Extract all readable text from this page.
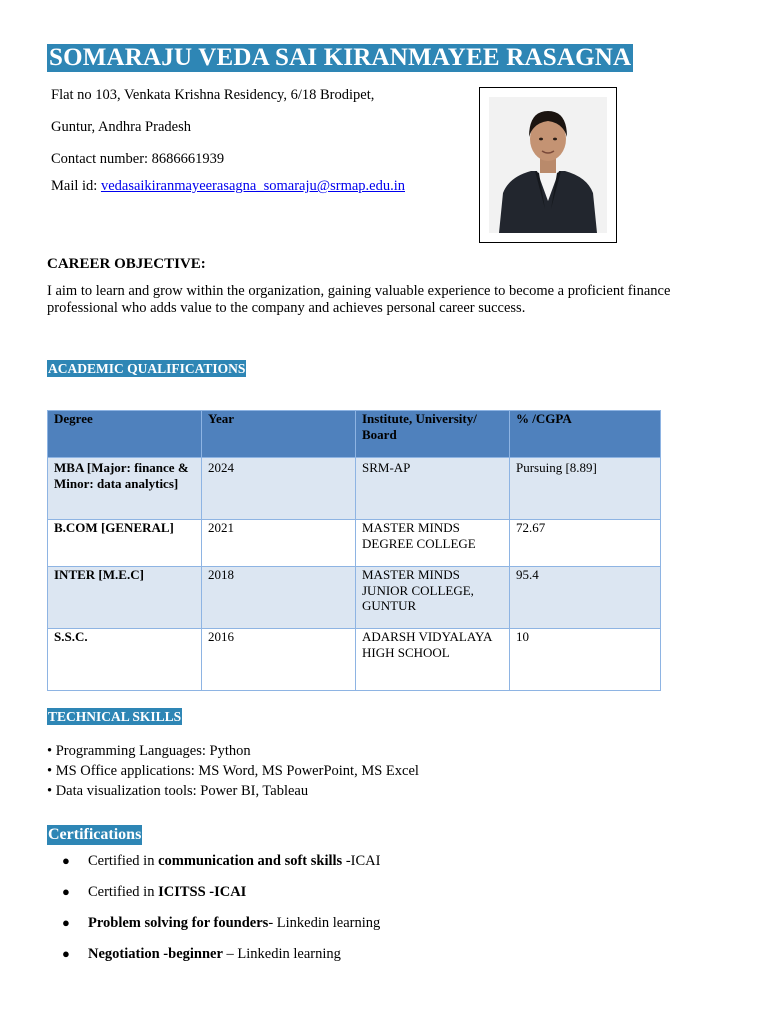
SOMARAJU VEDA SAI KIRANMAYEE RASAGNA
Flat no 103, Venkata Krishna Residency, 6/18 Brodipet,
Guntur, Andhra Pradesh
Contact number: 8686661939
Mail id: vedasaikiranmayeerasagna_somaraju@srmap.edu.in
CAREER OBJECTIVE:
I aim to learn and grow within the organization, gaining valuable experience to become a proficient finance professional who adds value to the company and achieves personal career success.
ACADEMIC QUALIFICATIONS
Degree	Year	Institute, University/ Board	% /CGPA
MBA [Major: finance & Minor: data analytics]	2024	SRM-AP	Pursuing [8.89]
B.COM [GENERAL]	2021	MASTER MINDS DEGREE COLLEGE	72.67
INTER [M.E.C]	2018	MASTER MINDS JUNIOR COLLEGE, GUNTUR	95.4
S.S.C.	2016	ADARSH VIDYALAYA HIGH SCHOOL	10
TECHNICAL SKILLS
• Programming Languages: Python
• MS Office applications: MS Word, MS PowerPoint, MS Excel
• Data visualization tools: Power BI, Tableau
Certifications
● Certified in communication and soft skills -ICAI
● Certified in ICITSS -ICAI
● Problem solving for founders- Linkedin learning
● Negotiation -beginner – Linkedin learning
